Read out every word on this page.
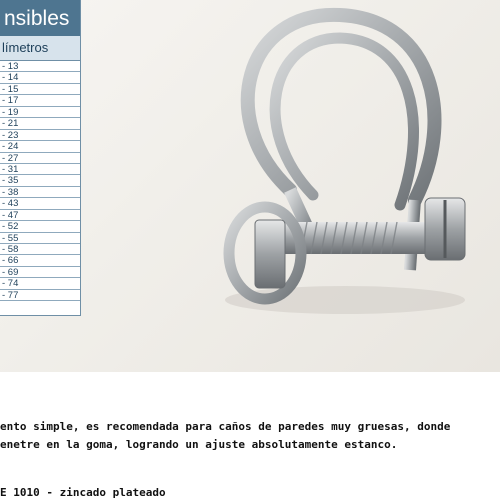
nsibles
límetros
- 13
- 14
- 15
- 17
- 19
- 21
- 23
- 24
- 27
- 31
- 35
- 38
- 43
- 47
- 52
- 55
- 58
- 66
- 69
- 74
- 77
ento simple, es recomendada para caños de paredes muy gruesas, donde
enetre en la goma, logrando un ajuste absolutamente estanco.
E 1010 - zincado plateado
